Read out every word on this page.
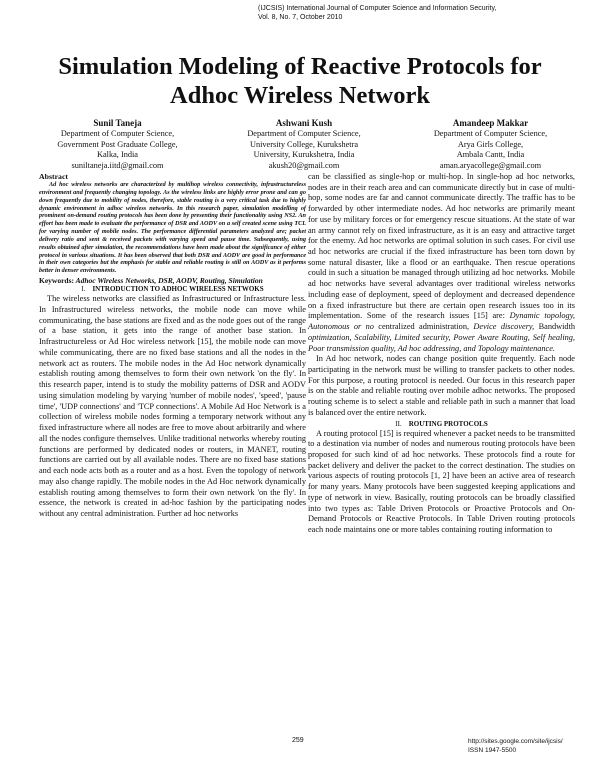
(IJCSIS) International Journal of Computer Science and Information Security,
Vol. 8, No. 7, October 2010
Simulation Modeling of Reactive Protocols for
Adhoc Wireless Network
Sunil Taneja
Department of Computer Science,
Government Post Graduate College,
Kalka, India
suniltaneja.iitd@gmail.com
Ashwani Kush
Department of Computer Science,
University College, Kurukshetra
University, Kurukshetra, India
akush20@gmail.com
Amandeep Makkar
Department of Computer Science,
Arya Girls College,
Ambala Cantt, India
aman.aryacollege@gmail.com
Abstract

Ad hoc wireless networks are characterized by multihop wireless connectivity, infrastructureless environment and frequently changing topology. As the wireless links are highly error prone and can go down frequently due to mobility of nodes, therefore, stable routing is a very critical task due to highly dynamic environment in adhoc wireless networks. In this research paper, simulation modelling of prominent on-demand routing protocols has been done by presenting their functionality using NS2. An effort has been made to evaluate the performance of DSR and AODV on a self created scene using TCL for varying number of mobile nodes. The performance differential parameters analyzed are; packet delivery ratio and sent & received packets with varying speed and pause time. Subsequently, using results obtained after simulation, the recommendations have been made about the significance of either protocol in various situations. It has been observed that both DSR and AODV are good in performance in their own categories but the emphasis for stable and reliable routing is still on AODV as it performs better in denser environments.

Keywords: Adhoc Wireless Networks, DSR, AODV, Routing, Simulation

I. INTRODUCTION TO ADHOC WIRELESS NETWOKS

The wireless networks are classified as Infrastructured or Infrastructure less. In Infrastructured wireless networks, the mobile node can move while communicating, the base stations are fixed and as the node goes out of the range of a base station, it gets into the range of another base station. In Infrastructureless or Ad Hoc wireless network [15], the mobile node can move while communicating, there are no fixed base stations and all the nodes in the network act as routers. The mobile nodes in the Ad Hoc network dynamically establish routing among themselves to form their own network 'on the fly'. In this research paper, intend is to study the mobility patterns of DSR and AODV using simulation modeling by varying 'number of mobile nodes', 'speed', 'pause time', 'UDP connections' and 'TCP connections'. A Mobile Ad Hoc Network is a collection of wireless mobile nodes forming a temporary network without any fixed infrastructure where all nodes are free to move about arbitrarily and where all the nodes configure themselves. Unlike traditional networks whereby routing functions are performed by dedicated nodes or routers, in MANET, routing functions are carried out by all available nodes. There are no fixed base stations and each node acts both as a router and as a host. Even the topology of network may also change rapidly. The mobile nodes in the Ad Hoc network dynamically establish routing among themselves to form their own network 'on the fly'. In essence, the network is created in ad-hoc fashion by the participating nodes without any central administration. Further ad hoc networks

can be classified as single-hop or multi-hop. In single-hop ad hoc networks, nodes are in their reach area and can communicate directly but in case of multi-hop, some nodes are far and cannot communicate directly. The traffic has to be forwarded by other intermediate nodes. Ad hoc networks are primarily meant for use by military forces or for emergency rescue situations. At the state of war an army cannot rely on fixed infrastructure, as it is an easy and attractive target for the enemy. Ad hoc networks are optimal solution in such cases. For civil use ad hoc networks are crucial if the fixed infrastructure has been torn down by some natural disaster, like a flood or an earthquake. Then rescue operations could in such a situation be managed through utilizing ad hoc networks. Mobile ad hoc networks have several advantages over traditional wireless networks including ease of deployment, speed of deployment and decreased dependence on a fixed infrastructure but there are certain open research issues too in its implementation. Some of the research issues [15] are: Dynamic topology, Autonomous or no centralized administration, Device discovery, Bandwidth optimization, Scalability, Limited security, Power Aware Routing, Self healing, Poor transmission quality, Ad hoc addressing, and Topology maintenance.

In Ad hoc network, nodes can change position quite frequently. Each node participating in the network must be willing to transfer packets to other nodes. For this purpose, a routing protocol is needed. Our focus in this research paper is on the stable and reliable routing over mobile adhoc networks. The proposed routing scheme is to select a stable and reliable path in such a manner that load is balanced over the entire network.

II. ROUTING PROTOCOLS

A routing protocol [15] is required whenever a packet needs to be transmitted to a destination via number of nodes and numerous routing protocols have been proposed for such kind of ad hoc networks. These protocols find a route for packet delivery and deliver the packet to the correct destination. The studies on various aspects of routing protocols [1, 2] have been an active area of research for many years. Many protocols have been suggested keeping applications and type of network in view. Basically, routing protocols can be broadly classified into two types as: Table Driven Protocols or Proactive Protocols and On-Demand Protocols or Reactive Protocols. In Table Driven routing protocols each node maintains one or more tables containing routing information to

259	http://sites.google.com/site/ijcsis/
ISSN 1947-5500
